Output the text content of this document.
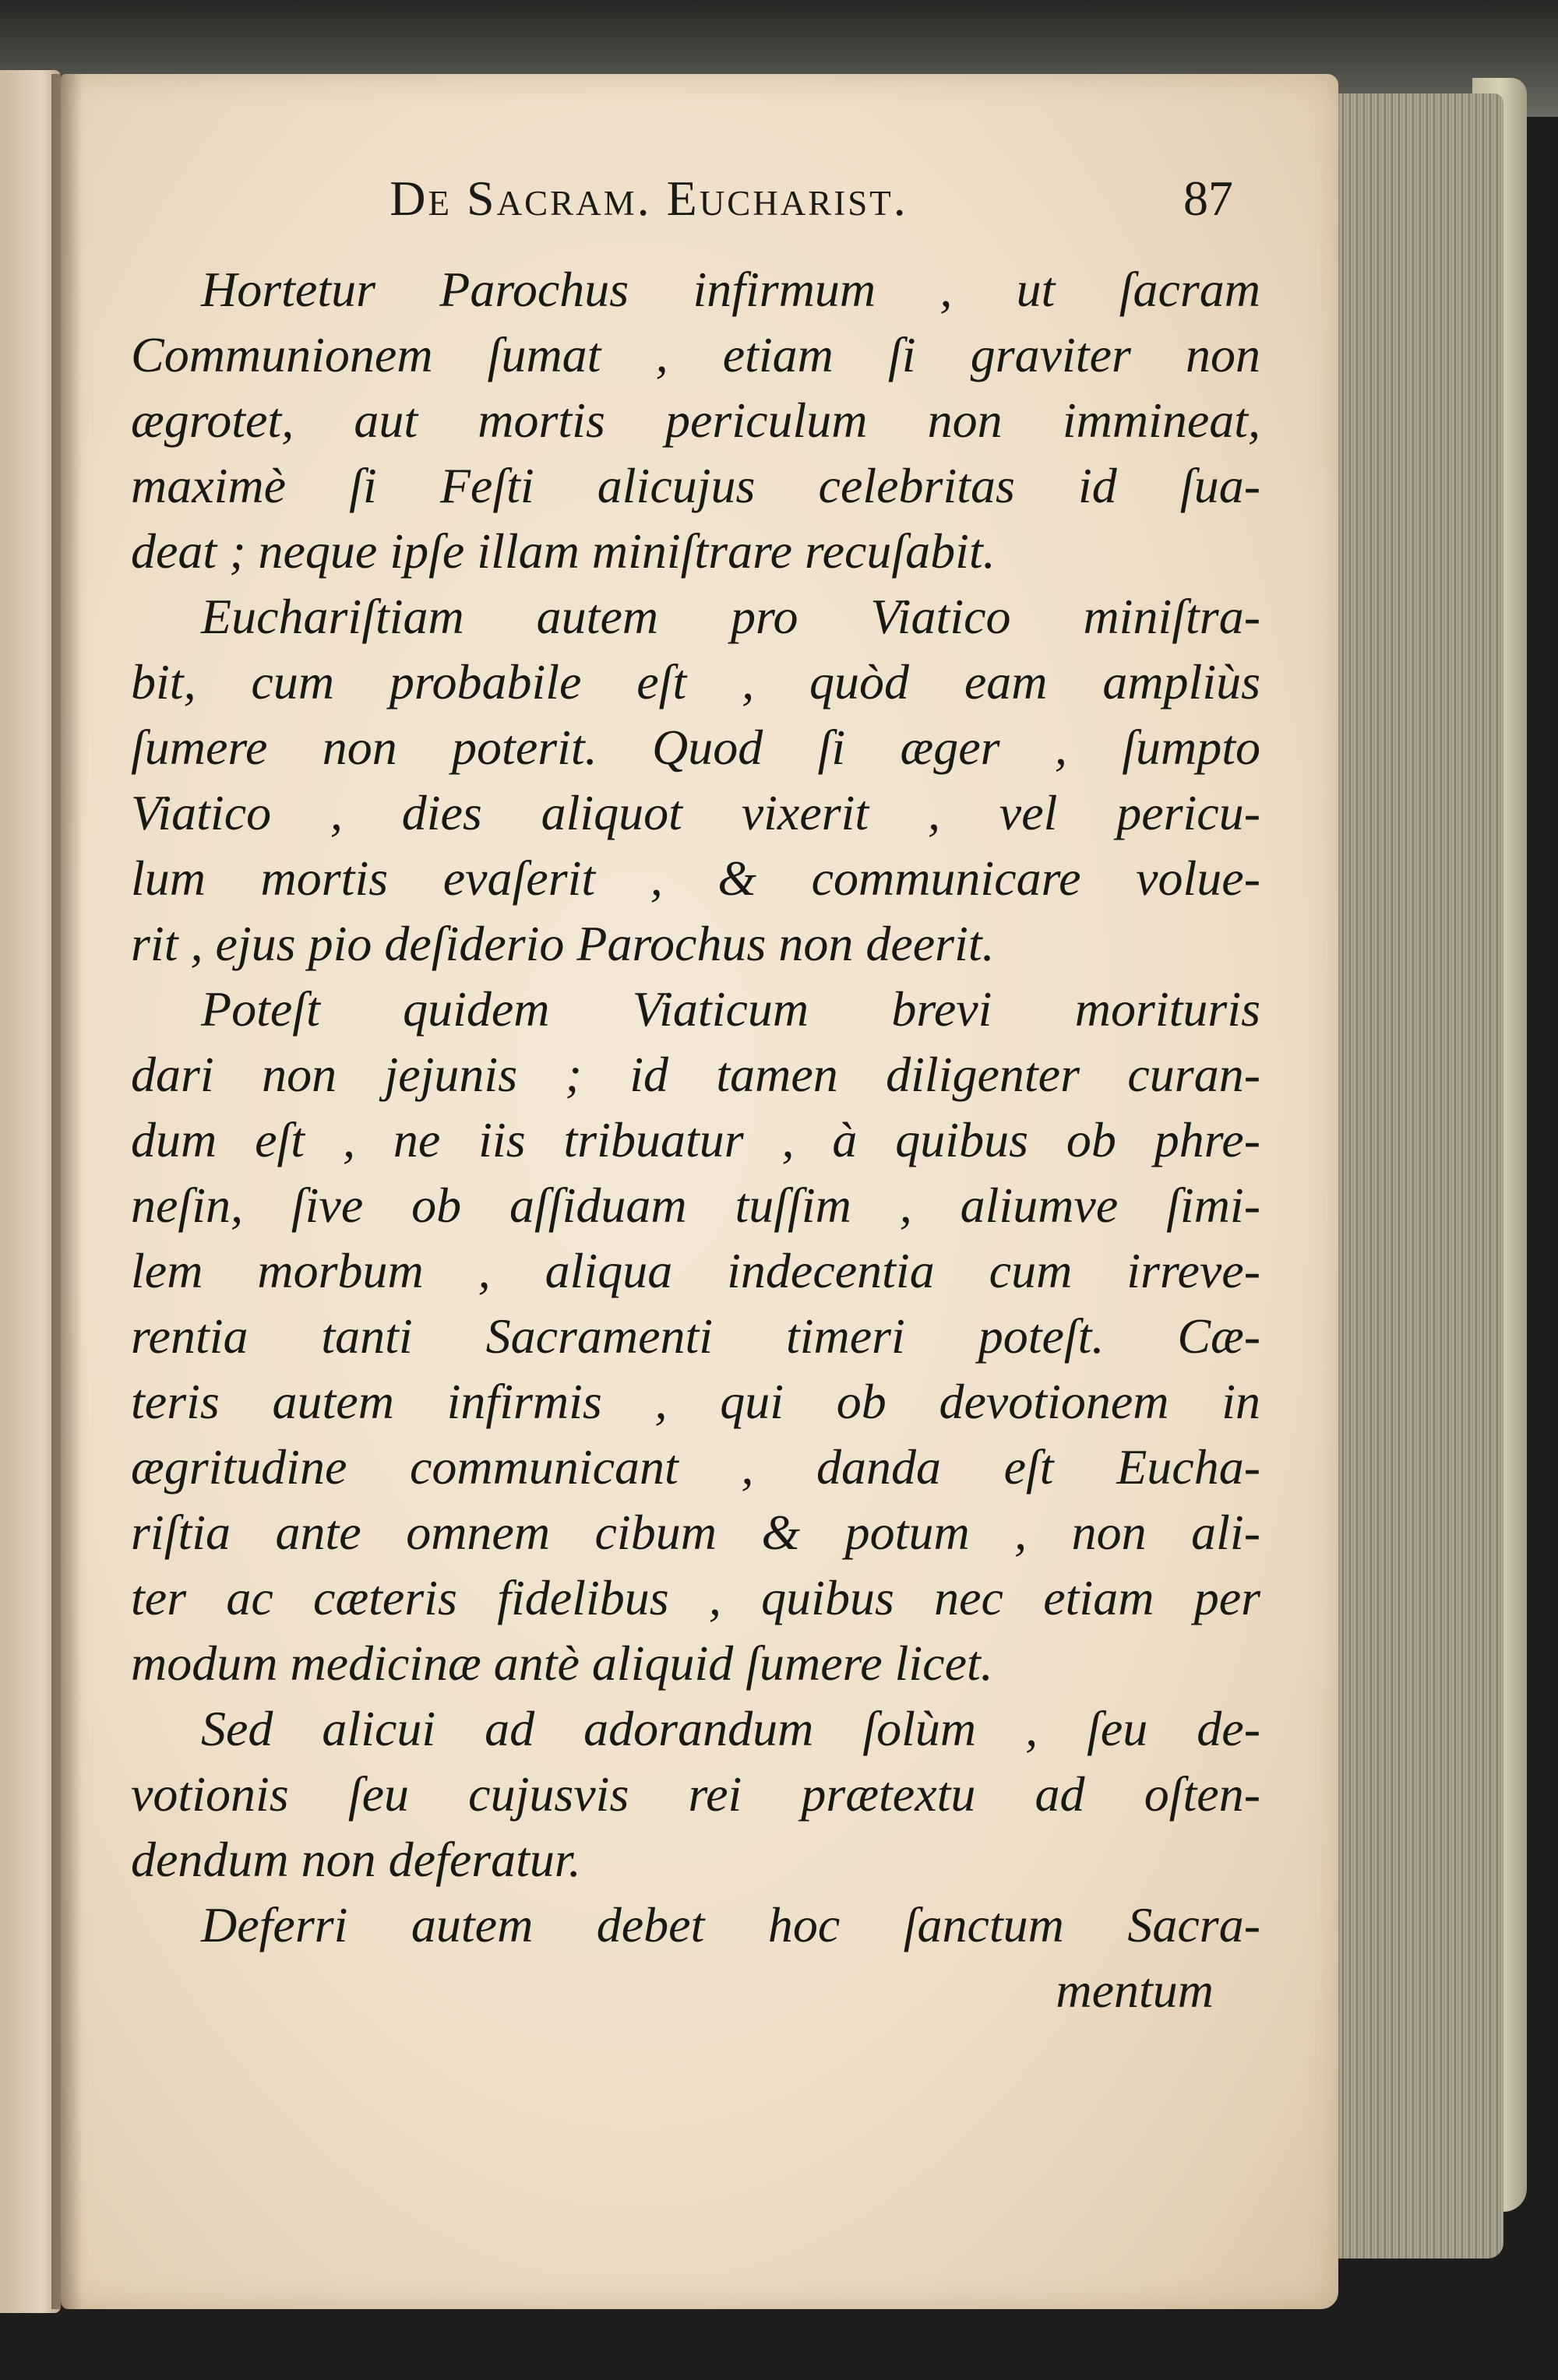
De Sacram. Euchariſt.	87
Hortetur Parochus infirmum , ut ſacram
Communionem ſumat , etiam ſi graviter non
ægrotet, aut mortis periculum non immineat,
maximè ſi Feſti alicujus celebritas id ſua-
deat ; neque ipſe illam miniſtrare recuſabit.
Euchariſtiam autem pro Viatico miniſtra-
bit, cum probabile eſt , quòd eam ampliùs
ſumere non poterit. Quod ſi æger , ſumpto
Viatico , dies aliquot vixerit , vel pericu-
lum mortis evaſerit , & communicare volue-
rit , ejus pio deſiderio Parochus non deerit.
Poteſt quidem Viaticum brevi morituris
dari non jejunis ; id tamen diligenter curan-
dum eſt , ne iis tribuatur , à quibus ob phre-
neſin, ſive ob aſſiduam tuſſim , aliumve ſimi-
lem morbum , aliqua indecentia cum irreve-
rentia tanti Sacramenti timeri poteſt. Cæ-
teris autem infirmis , qui ob devotionem in
ægritudine communicant , danda eſt Eucha-
riſtia ante omnem cibum & potum , non ali-
ter ac cæteris fidelibus , quibus nec etiam per
modum medicinæ antè aliquid ſumere licet.
Sed alicui ad adorandum ſolùm , ſeu de-
votionis ſeu cujusvis rei prætextu ad oſten-
dendum non deferatur.
Deferri autem debet hoc ſanctum Sacra-
mentum
